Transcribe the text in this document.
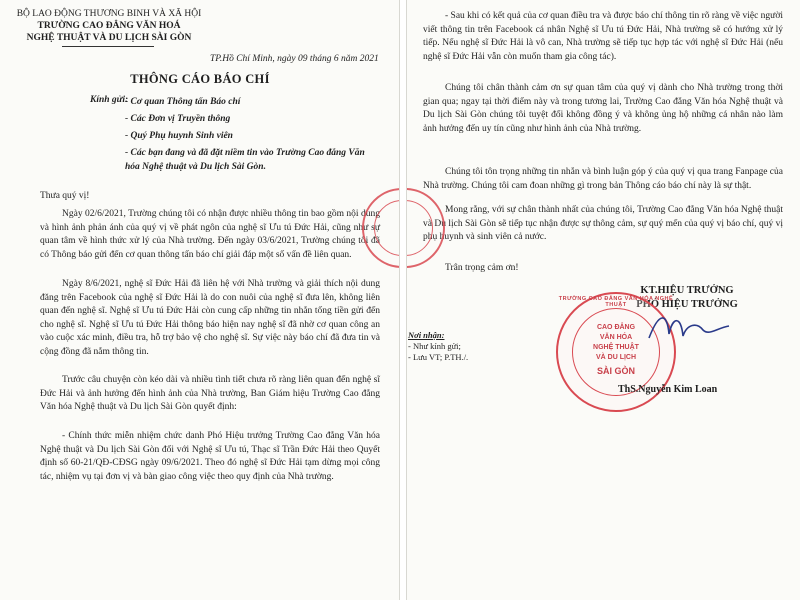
BỘ LAO ĐỘNG THƯƠNG BINH VÀ XÃ HỘI
TRƯỜNG CAO ĐẲNG VĂN HOÁ
NGHỆ THUẬT VÀ DU LỊCH SÀI GÒN
TP.Hồ Chí Minh, ngày 09 tháng 6 năm 2021
THÔNG CÁO BÁO CHÍ
Kính gửi:
- Cơ quan Thông tấn Báo chí
- Các Đơn vị Truyền thông
- Quý Phụ huynh Sinh viên
- Các bạn đang và đã đặt niềm tin vào Trường Cao đẳng Văn hóa Nghệ thuật và Du lịch Sài Gòn.
Thưa quý vị!
Ngày 02/6/2021, Trường chúng tôi có nhận được nhiều thông tin bao gồm nội dung và hình ảnh phản ánh của quý vị về phát ngôn của nghệ sĩ Ưu tú Đức Hải, cũng như sự quan tâm về hình thức xử lý của Nhà trường. Đến ngày 03/6/2021, Trường chúng tôi đã có Thông báo gửi đến cơ quan thông tấn báo chí giải đáp một số vấn đề liên quan.
Ngày 8/6/2021, nghệ sĩ Đức Hải đã liên hệ với Nhà trường và giải thích nội dung đăng trên Facebook của nghệ sĩ Đức Hải là do con nuôi của nghệ sĩ đưa lên, không liên quan đến nghệ sĩ. Nghệ sĩ Ưu tú Đức Hải còn cung cấp những tin nhắn tống tiền gửi đến cho nghệ sĩ. Nghệ sĩ Ưu tú Đức Hải thông báo hiện nay nghệ sĩ đã nhờ cơ quan công an vào cuộc xác minh, điều tra, hỗ trợ bảo vệ cho nghệ sĩ. Sự việc này báo chí đã đưa tin và cộng đồng đã nắm thông tin.
Trước câu chuyện còn kéo dài và nhiều tình tiết chưa rõ ràng liên quan đến nghệ sĩ Đức Hải và ảnh hưởng đến hình ảnh của Nhà trường, Ban Giám hiệu Trường Cao đẳng Văn hóa Nghệ thuật và Du lịch Sài Gòn quyết định:
- Chính thức miễn nhiệm chức danh Phó Hiệu trưởng Trường Cao đẳng Văn hóa Nghệ thuật và Du lịch Sài Gòn đối với Nghệ sĩ Ưu tú, Thạc sĩ Trần Đức Hải theo Quyết định số 60-21/QĐ-CĐSG ngày 09/6/2021. Theo đó nghệ sĩ Đức Hải tạm dừng mọi công tác, nhiệm vụ tại đơn vị và bàn giao công việc theo quy định của Nhà trường.
- Sau khi có kết quả của cơ quan điều tra và được báo chí thông tin rõ ràng về việc người viết thông tin trên Facebook cá nhân Nghệ sĩ Ưu tú Đức Hải, Nhà trường sẽ có hướng xử lý tiếp. Nếu nghệ sĩ Đức Hải là vô can, Nhà trường sẽ tiếp tục hợp tác với nghệ sĩ Đức Hải (nếu nghệ sĩ Đức Hải vẫn còn muốn tham gia công tác).
Chúng tôi chân thành cảm ơn sự quan tâm của quý vị dành cho Nhà trường trong thời gian qua; ngay tại thời điểm này và trong tương lai, Trường Cao đẳng Văn hóa Nghệ thuật và Du lịch Sài Gòn chúng tôi tuyệt đối không đồng ý và không ủng hộ những cá nhân nào làm ảnh hưởng đến uy tín cũng như hình ảnh của Nhà trường.
Chúng tôi tôn trọng những tin nhắn và bình luận góp ý của quý vị qua trang Fanpage của Nhà trường. Chúng tôi cam đoan những gì trong bản Thông cáo báo chí này là sự thật.
Mong rằng, với sự chân thành nhất của chúng tôi, Trường Cao đẳng Văn hóa Nghệ thuật và Du lịch Sài Gòn sẽ tiếp tục nhận được sự thông cảm, sự quý mến của quý vị báo chí, quý vị phụ huynh và sinh viên cả nước.
Trân trọng cảm ơn!
KT.HIỆU TRƯỞNG
PHÓ HIỆU TRƯỞNG
CAO ĐẲNG
VĂN HÓA
NGHỆ THUẬT
VÀ DU LỊCH
SÀI GÒN
TRƯỜNG CAO ĐẲNG VĂN HÓA NGHỆ THUẬT
Nơi nhận:
- Như kính gửi;
- Lưu VT; P.TH./.
ThS.Nguyễn Kim Loan
